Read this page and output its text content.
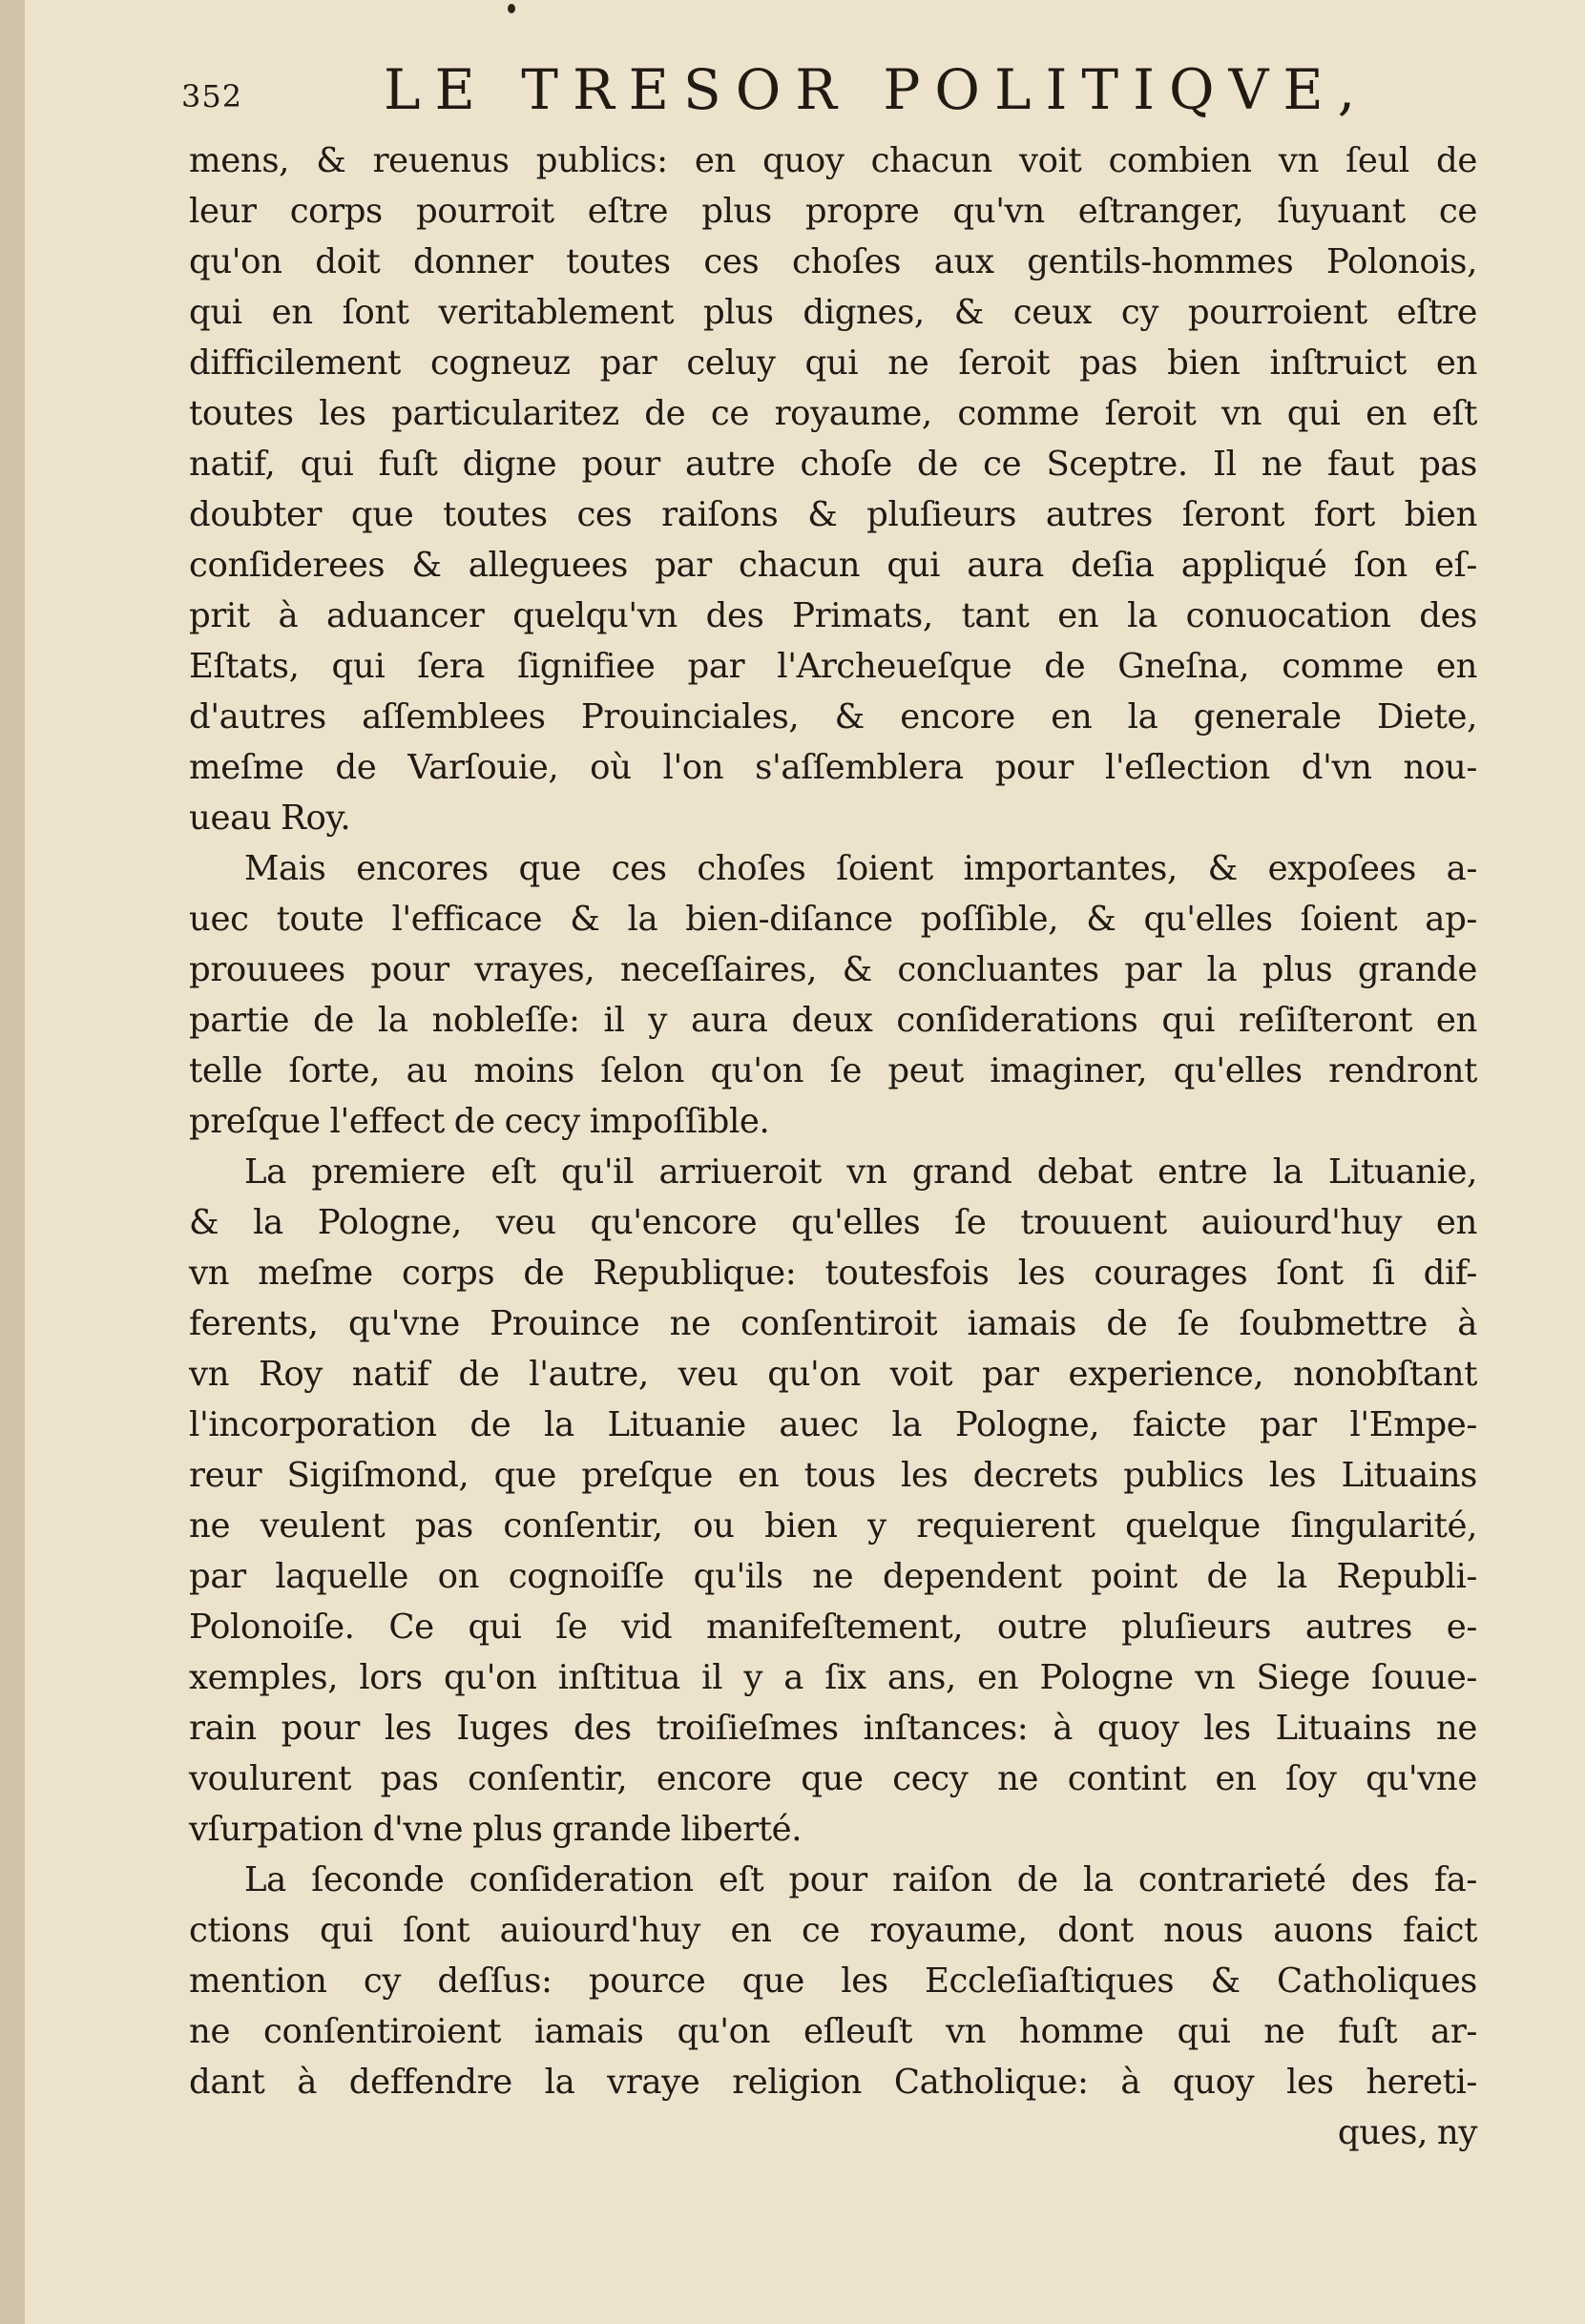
352	LE TRESOR POLITIQVE,
mens, & reuenus publics: en quoy chacun voit combien vn ſeul de
leur corps pourroit eſtre plus propre qu'vn eſtranger, ſuyuant ce
qu'on doit donner toutes ces choſes aux gentils-hommes Polonois,
qui en ſont veritablement plus dignes, & ceux cy pourroient eſtre
difficilement cogneuz par celuy qui ne ſeroit pas bien inſtruict en
toutes les particularitez de ce royaume, comme ſeroit vn qui en eſt
natif, qui fuſt digne pour autre choſe de ce Sceptre. Il ne faut pas
doubter que toutes ces raiſons & pluſieurs autres ſeront fort bien
conſiderees & alleguees par chacun qui aura deſia appliqué ſon eſ-
prit à aduancer quelqu'vn des Primats, tant en la conuocation des
Eſtats, qui ſera ſignifiee par l'Archeueſque de Gneſna, comme en
d'autres aſſemblees Prouinciales, & encore en la generale Diete,
meſme de Varſouie, où l'on s'aſſemblera pour l'eſlection d'vn nou-
ueau Roy.
Mais encores que ces choſes ſoient importantes, & expoſees a-
uec toute l'efficace & la bien-diſance poſſible, & qu'elles ſoient ap-
prouuees pour vrayes, neceſſaires, & concluantes par la plus grande
partie de la nobleſſe: il y aura deux conſiderations qui reſiſteront en
telle ſorte, au moins ſelon qu'on ſe peut imaginer, qu'elles rendront
preſque l'effect de cecy impoſſible.
La premiere eſt qu'il arriueroit vn grand debat entre la Lituanie,
& la Pologne, veu qu'encore qu'elles ſe trouuent auiourd'huy en
vn meſme corps de Republique: toutesfois les courages ſont ſi dif-
ferents, qu'vne Prouince ne conſentiroit iamais de ſe ſoubmettre à
vn Roy natif de l'autre, veu qu'on voit par experience, nonobſtant
l'incorporation de la Lituanie auec la Pologne, faicte par l'Empe-
reur Sigiſmond, que preſque en tous les decrets publics les Lituains
ne veulent pas conſentir, ou bien y requierent quelque ſingularité,
par laquelle on cognoiſſe qu'ils ne dependent point de la Republi-
Polonoiſe. Ce qui ſe vid manifeſtement, outre pluſieurs autres e-
xemples, lors qu'on inſtitua il y a ſix ans, en Pologne vn Siege ſouue-
rain pour les Iuges des troiſieſmes inſtances: à quoy les Lituains ne
voulurent pas conſentir, encore que cecy ne contint en ſoy qu'vne
vſurpation d'vne plus grande liberté.
La ſeconde conſideration eſt pour raiſon de la contrarieté des fa-
ctions qui ſont auiourd'huy en ce royaume, dont nous auons faict
mention cy deſſus: pource que les Eccleſiaſtiques & Catholiques
ne conſentiroient iamais qu'on eſleuſt vn homme qui ne fuſt ar-
dant à deffendre la vraye religion Catholique: à quoy les hereti-
ques, ny
